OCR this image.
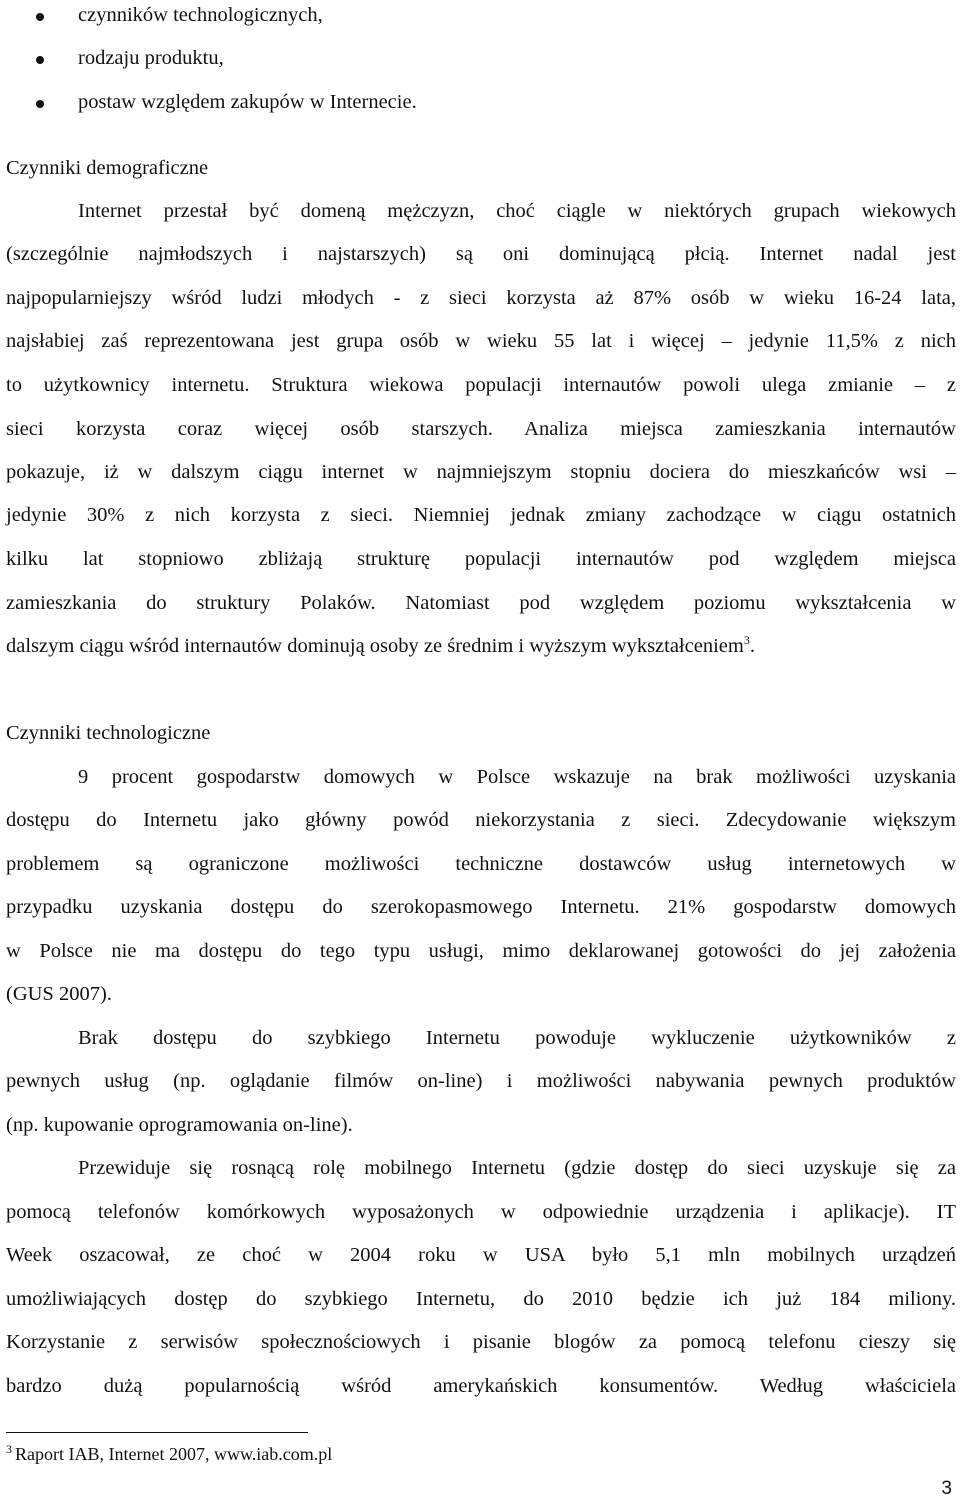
czynników technologicznych,
rodzaju produktu,
postaw względem zakupów w Internecie.
Czynniki demograficzne
Internet przestał być domeną mężczyzn, choć ciągle w niektórych grupach wiekowych
(szczególnie najmłodszych i najstarszych) są oni dominującą płcią. Internet nadal jest
najpopularniejszy wśród ludzi młodych - z sieci korzysta aż 87% osób w wieku 16-24 lata,
najsłabiej zaś reprezentowana jest grupa osób w wieku 55 lat i więcej – jedynie 11,5% z nich
to użytkownicy internetu. Struktura wiekowa populacji internautów powoli ulega zmianie – z
sieci korzysta coraz więcej osób starszych. Analiza miejsca zamieszkania internautów
pokazuje, iż w dalszym ciągu internet w najmniejszym stopniu dociera do mieszkańców wsi –
jedynie 30% z nich korzysta z sieci. Niemniej jednak zmiany zachodzące w ciągu ostatnich
kilku lat stopniowo zbliżają strukturę populacji internautów pod względem miejsca
zamieszkania do struktury Polaków. Natomiast pod względem poziomu wykształcenia w
dalszym ciągu wśród internautów dominują osoby ze średnim i wyższym wykształceniem$^3$.
Czynniki technologiczne
9 procent gospodarstw domowych w Polsce wskazuje na brak możliwości uzyskania
dostępu do Internetu jako główny powód niekorzystania z sieci. Zdecydowanie większym
problemem są ograniczone możliwości techniczne dostawców usług internetowych w
przypadku uzyskania dostępu do szerokopasmowego Internetu. 21% gospodarstw domowych
w Polsce nie ma dostępu do tego typu usługi, mimo deklarowanej gotowości do jej założenia
(GUS 2007).
Brak dostępu do szybkiego Internetu powoduje wykluczenie użytkowników z
pewnych usług (np. oglądanie filmów on-line) i możliwości nabywania pewnych produktów
(np. kupowanie oprogramowania on-line).
Przewiduje się rosnącą rolę mobilnego Internetu (gdzie dostęp do sieci uzyskuje się za
pomocą telefonów komórkowych wyposażonych w odpowiednie urządzenia i aplikacje). IT
Week oszacował, ze choć w 2004 roku w USA było 5,1 mln mobilnych urządzeń
umożliwiających dostęp do szybkiego Internetu, do 2010 będzie ich już 184 miliony.
Korzystanie z serwisów społecznościowych i pisanie blogów za pomocą telefonu cieszy się
bardzo dużą popularnością wśród amerykańskich konsumentów. Według właściciela
$^3$ Raport IAB, Internet 2007, www.iab.com.pl
3
